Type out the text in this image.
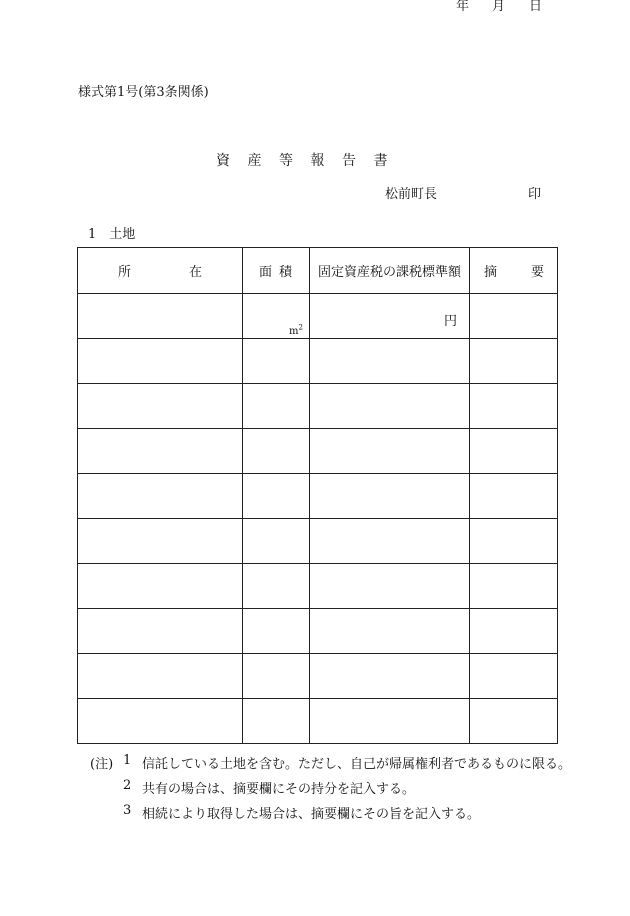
様式第1号(第3条関係)
年 月 日
資産等報告書
松前町長	印
1　土地
所 在	面 積	固定資産税の課税標準額	摘 要

	$m^2$	円	

(注) 1 信託している土地を含む。ただし、自己が帰属権利者であるものに限る。
2 共有の場合は、摘要欄にその持分を記入する。
3 相続により取得した場合は、摘要欄にその旨を記入する。
